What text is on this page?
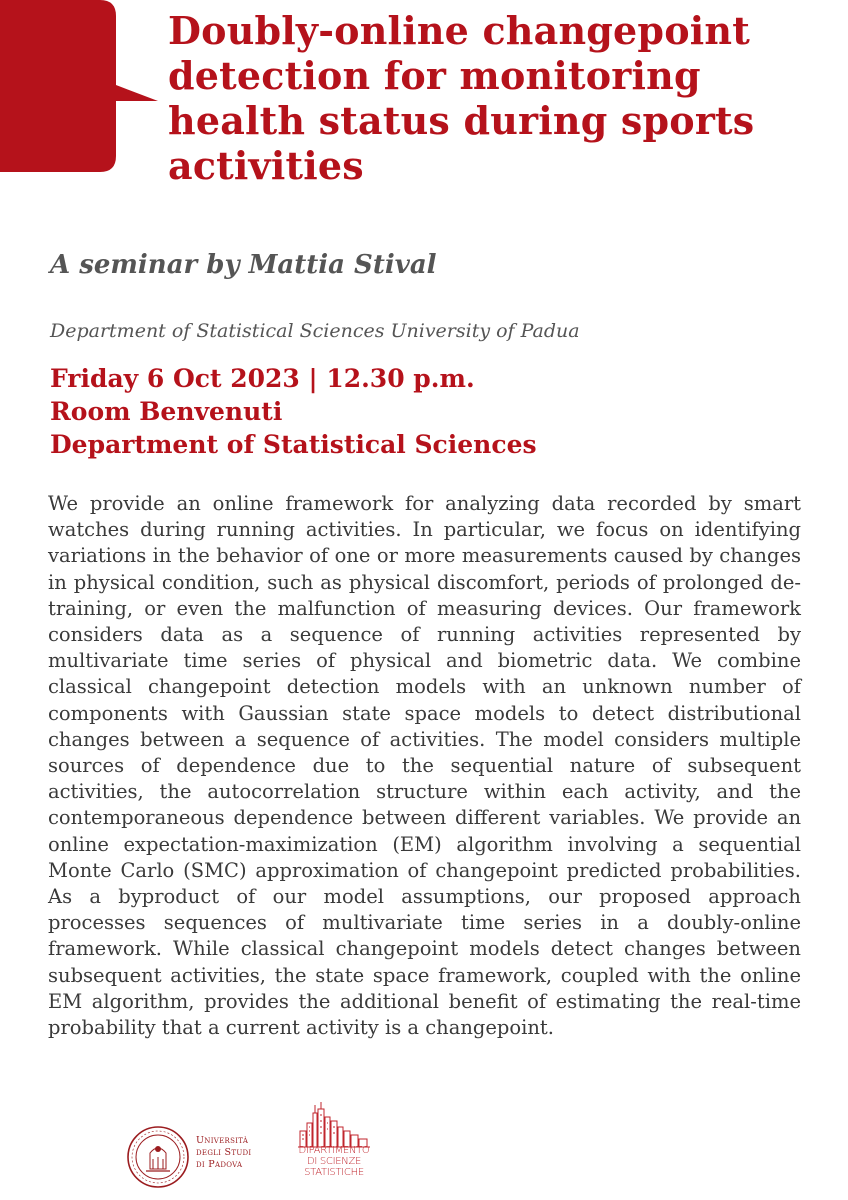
Doubly-online changepoint detection for monitoring health status during sports activities
A seminar by Mattia Stival
Department of Statistical Sciences University of Padua
Friday 6 Oct 2023 | 12.30 p.m.
Room Benvenuti
Department of Statistical Sciences

We provide an online framework for analyzing data recorded by smart watches during running activities. In particular, we focus on identifying variations in the behavior of one or more measurements caused by changes in physical condition, such as physical discomfort, periods of prolonged de-training, or even the malfunction of measuring devices. Our framework considers data as a sequence of running activities represented by multivariate time series of physical and biometric data. We combine classical changepoint detection models with an unknown number of components with Gaussian state space models to detect distributional changes between a sequence of activities. The model considers multiple sources of dependence due to the sequential nature of subsequent activities, the autocorrelation structure within each activity, and the contemporaneous dependence between different variables. We provide an online expectation-maximization (EM) algorithm involving a sequential Monte Carlo (SMC) approximation of changepoint predicted probabilities. As a byproduct of our model assumptions, our proposed approach processes sequences of multivariate time series in a doubly-online framework. While classical changepoint models detect changes between subsequent activities, the state space framework, coupled with the online EM algorithm, provides the additional benefit of estimating the real-time probability that a current activity is a changepoint.

Università
degli Studi
di Padova
DIPARTIMENTO
DI SCIENZE
STATISTICHE
